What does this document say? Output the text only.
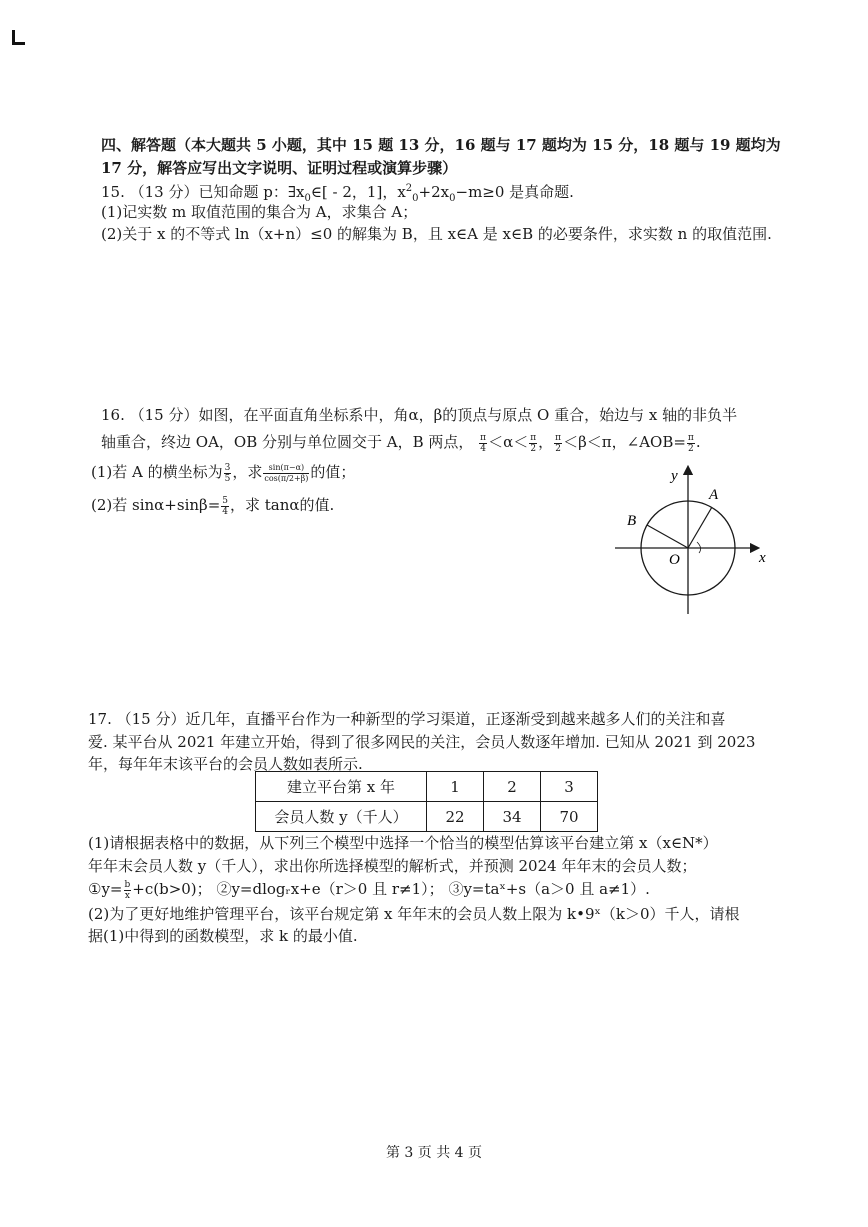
四、解答题（本大题共 5 小题，其中 15 题 13 分，16 题与 17 题均为 15 分，18 题与 19 题均为
17 分，解答应写出文字说明、证明过程或演算步骤）
15. （13 分）已知命题 p：$\exists x_0\in[ - 2$，1]，$x^2_0+2x_0-m\ge 0$ 是真命题.
(1)记实数 m 取值范围的集合为 A，求集合 A；
(2)关于 x 的不等式 ln（x+n）≤0 的解集为 B，且 x∈A 是 x∈B 的必要条件，求实数 n 的取值范围.
16. （15 分）如图，在平面直角坐标系中，角α，β的顶点与原点 O 重合，始边与 x 轴的非负半
轴重合，终边 OA，OB 分别与单位圆交于 A，B 两点， $\frac{\pi}{4} <\alpha< \frac{\pi}{2}$ ， $\frac{\pi}{2} <\beta<\pi$，∠AOB= $\frac{\pi}{2}$ .
(1)若 A 的横坐标为 $\frac{3}{5}$ ，求 $\frac{\sin(\pi-\alpha)}{\cos(\pi/2+\beta)}$ 的值；
(2)若 $\sin\alpha+\sin\beta= \frac{5}{4}$ ，求 tanα的值.
y
x
A
B
O
17. （15 分）近几年，直播平台作为一种新型的学习渠道，正逐渐受到越来越多人们的关注和喜
爱. 某平台从 2021 年建立开始，得到了很多网民的关注，会员人数逐年增加. 已知从 2021 到 2023
年，每年年末该平台的会员人数如表所示.
建立平台第 x 年	1	2	3
会员人数 y（千人）	22	34	70
(1)请根据表格中的数据，从下列三个模型中选择一个恰当的模型估算该平台建立第 x（x∈N*）
年年末会员人数 y（千人），求出你所选择模型的解析式，并预测 2024 年年末的会员人数；
①y= $\frac{b}{x} +c(b>0)$； ②y=dlogᵣx+e（r＞0 且 r≠1）； ③y=taˣ+s（a＞0 且 a≠1）.
(2)为了更好地维护管理平台，该平台规定第 x 年年末的会员人数上限为 k•9ˣ（k＞0）千人，请根
据(1)中得到的函数模型，求 k 的最小值.
第 3 页 共 4 页
